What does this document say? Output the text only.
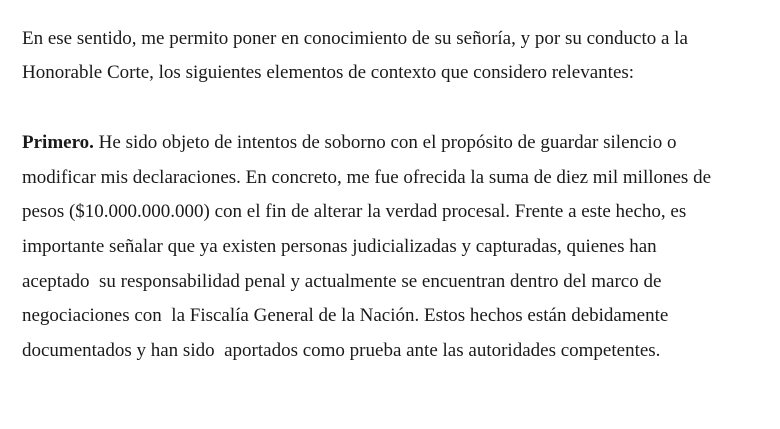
En ese sentido, me permito poner en conocimiento de su señoría, y por su conducto a la
Honorable Corte, los siguientes elementos de contexto que considero relevantes:
Primero. He sido objeto de intentos de soborno con el propósito de guardar silencio o
modificar mis declaraciones. En concreto, me fue ofrecida la suma de diez mil millones de
pesos ($10.000.000.000) con el fin de alterar la verdad procesal. Frente a este hecho, es
importante señalar que ya existen personas judicializadas y capturadas, quienes han
aceptado  su responsabilidad penal y actualmente se encuentran dentro del marco de
negociaciones con  la Fiscalía General de la Nación. Estos hechos están debidamente
documentados y han sido  aportados como prueba ante las autoridades competentes.
